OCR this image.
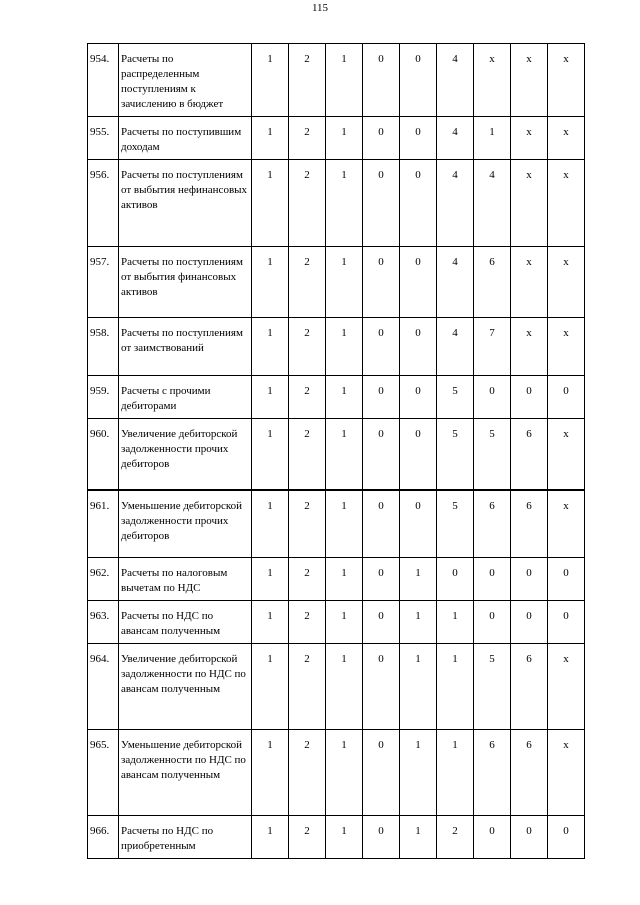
115
954.	Расчеты по распределенным поступлениям к зачислению в бюджет	1	2	1	0	0	4	х	х	х
955.	Расчеты по поступившим доходам	1	2	1	0	0	4	1	х	х
956.	Расчеты по поступлениям от выбытия нефинансовых активов	1	2	1	0	0	4	4	х	х
957.	Расчеты по поступлениям от выбытия финансовых активов	1	2	1	0	0	4	6	х	х
958.	Расчеты по поступлениям от заимствований	1	2	1	0	0	4	7	х	х
959.	Расчеты с прочими дебиторами	1	2	1	0	0	5	0	0	0
960.	Увеличение дебиторской задолженности прочих дебиторов	1	2	1	0	0	5	5	6	х
961.	Уменьшение дебиторской задолженности прочих дебиторов	1	2	1	0	0	5	6	6	х
962.	Расчеты по налоговым вычетам по НДС	1	2	1	0	1	0	0	0	0
963.	Расчеты по НДС по авансам полученным	1	2	1	0	1	1	0	0	0
964.	Увеличение дебиторской задолженности по НДС по авансам полученным	1	2	1	0	1	1	5	6	х
965.	Уменьшение дебиторской задолженности по НДС по авансам полученным	1	2	1	0	1	1	6	6	х
966.	Расчеты по НДС по приобретенным	1	2	1	0	1	2	0	0	0
